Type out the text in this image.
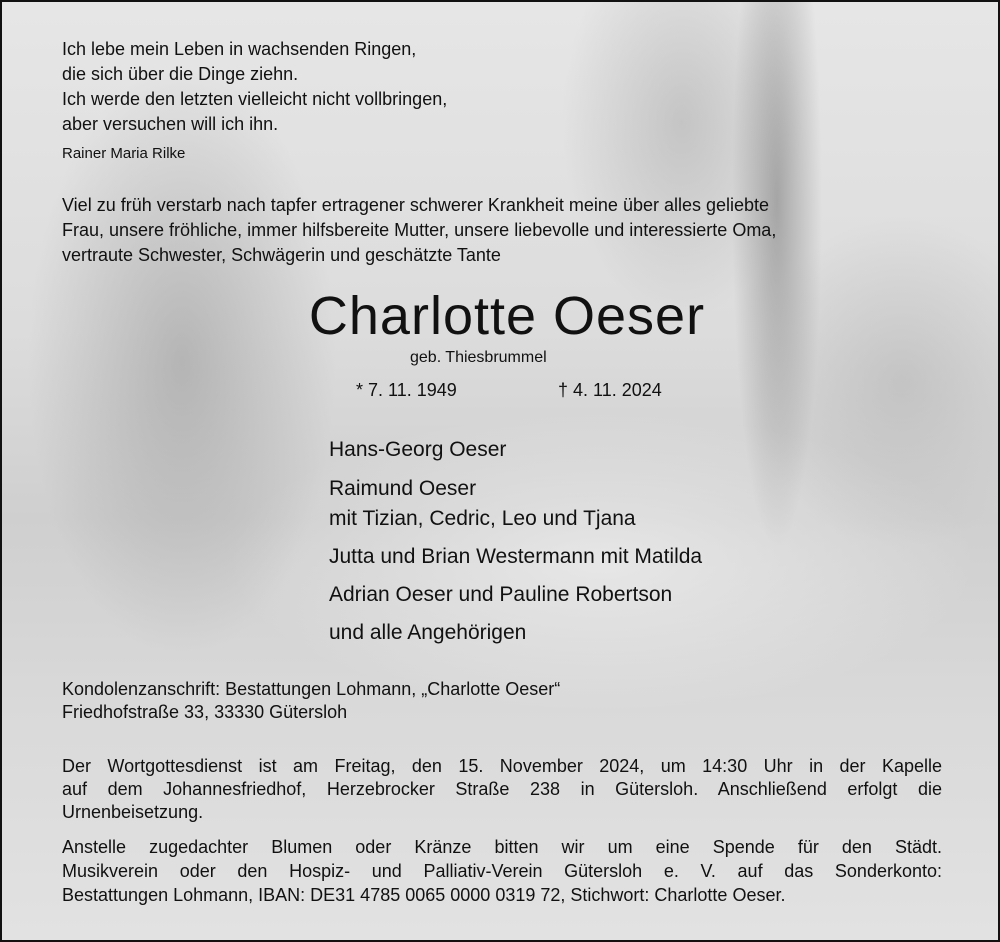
Ich lebe mein Leben in wachsenden Ringen,
die sich über die Dinge ziehn.
Ich werde den letzten vielleicht nicht vollbringen,
aber versuchen will ich ihn.
Rainer Maria Rilke
Viel zu früh verstarb nach tapfer ertragener schwerer Krankheit meine über alles geliebte
Frau, unsere fröhliche, immer hilfsbereite Mutter, unsere liebevolle und interessierte Oma,
vertraute Schwester, Schwägerin und geschätzte Tante
Charlotte Oeser
geb. Thiesbrummel
* 7. 11. 1949	† 4. 11. 2024
Hans-Georg Oeser
Raimund Oeser
mit Tizian, Cedric, Leo und Tjana
Jutta und Brian Westermann mit Matilda
Adrian Oeser und Pauline Robertson
und alle Angehörigen
Kondolenzanschrift: Bestattungen Lohmann, „Charlotte Oeser“
Friedhofstraße 33, 33330 Gütersloh
Der Wortgottesdienst ist am Freitag, den 15. November 2024, um 14:30 Uhr in der Kapelle
auf dem Johannesfriedhof, Herzebrocker Straße 238 in Gütersloh. Anschließend erfolgt die
Urnenbeisetzung.
Anstelle zugedachter Blumen oder Kränze bitten wir um eine Spende für den Städt.
Musikverein oder den Hospiz- und Palliativ-Verein Gütersloh e. V. auf das Sonderkonto:
Bestattungen Lohmann, IBAN: DE31 4785 0065 0000 0319 72, Stichwort: Charlotte Oeser.
